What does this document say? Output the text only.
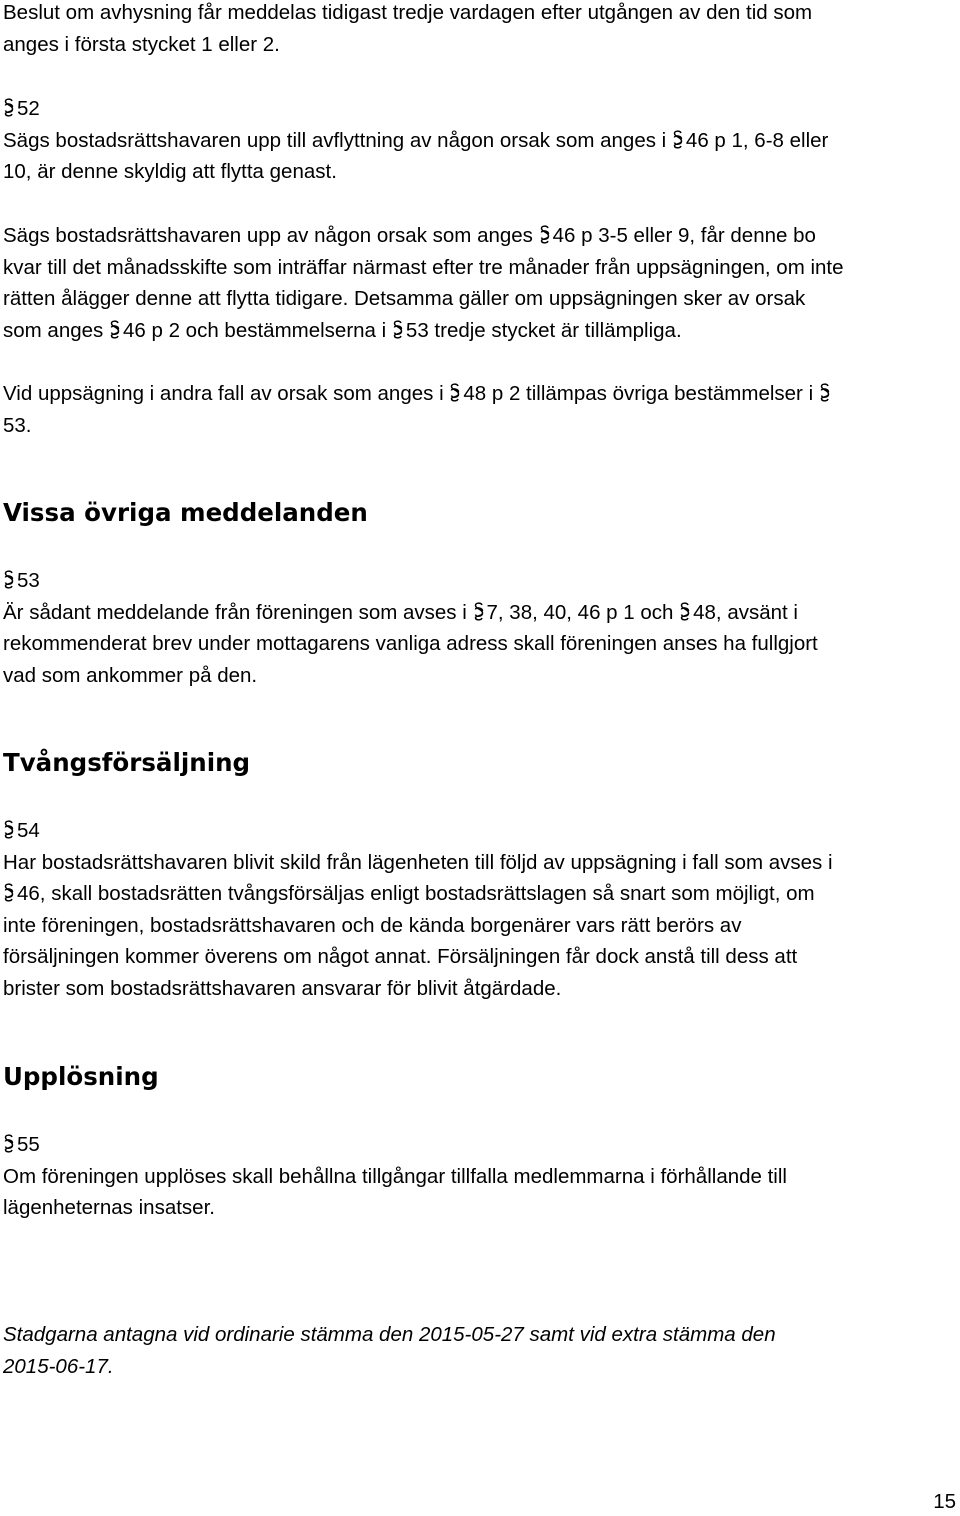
Beslut om avhysning får meddelas tidigast tredje vardagen efter utgången av den tid som

anges i första stycket 1 eller 2.

52

Sägs bostadsrättshavaren upp till avflyttning av någon orsak som anges i
46 p 1, 6-8 eller

10, är denne skyldig att flytta genast.

Sägs bostadsrättshavaren upp av någon orsak som anges
46 p 3-5 eller 9, får denne bo

kvar till det månadsskifte som inträffar närmast efter tre månader från uppsägningen, om inte

rätten ålägger denne att flytta tidigare. Detsamma gäller om uppsägningen sker av orsak

som anges
46 p 2 och bestämmelserna i
53 tredje stycket är tillämpliga.

Vid uppsägning i andra fall av orsak som anges i
48 p 2 tillämpas övriga bestämmelser i

53.

Vissa övriga meddelanden

53

Är sådant meddelande från föreningen som avses i
7, 38, 40, 46 p 1 och
48, avsänt i

rekommenderat brev under mottagarens vanliga adress skall föreningen anses ha fullgjort

vad som ankommer på den.

Tvångsförsäljning

54

Har bostadsrättshavaren blivit skild från lägenheten till följd av uppsägning i fall som avses i

46, skall bostadsrätten tvångsförsäljas enligt bostadsrättslagen så snart som möjligt, om

inte föreningen, bostadsrättshavaren och de kända borgenärer vars rätt berörs av

försäljningen kommer överens om något annat. Försäljningen får dock anstå till dess att

brister som bostadsrättshavaren ansvarar för blivit åtgärdade.

Upplösning

55

Om föreningen upplöses skall behållna tillgångar tillfalla medlemmarna i förhållande till

lägenheternas insatser.

Stadgarna antagna vid ordinarie stämma den 2015-05-27 samt vid extra stämma den

2015-06-17.

15
